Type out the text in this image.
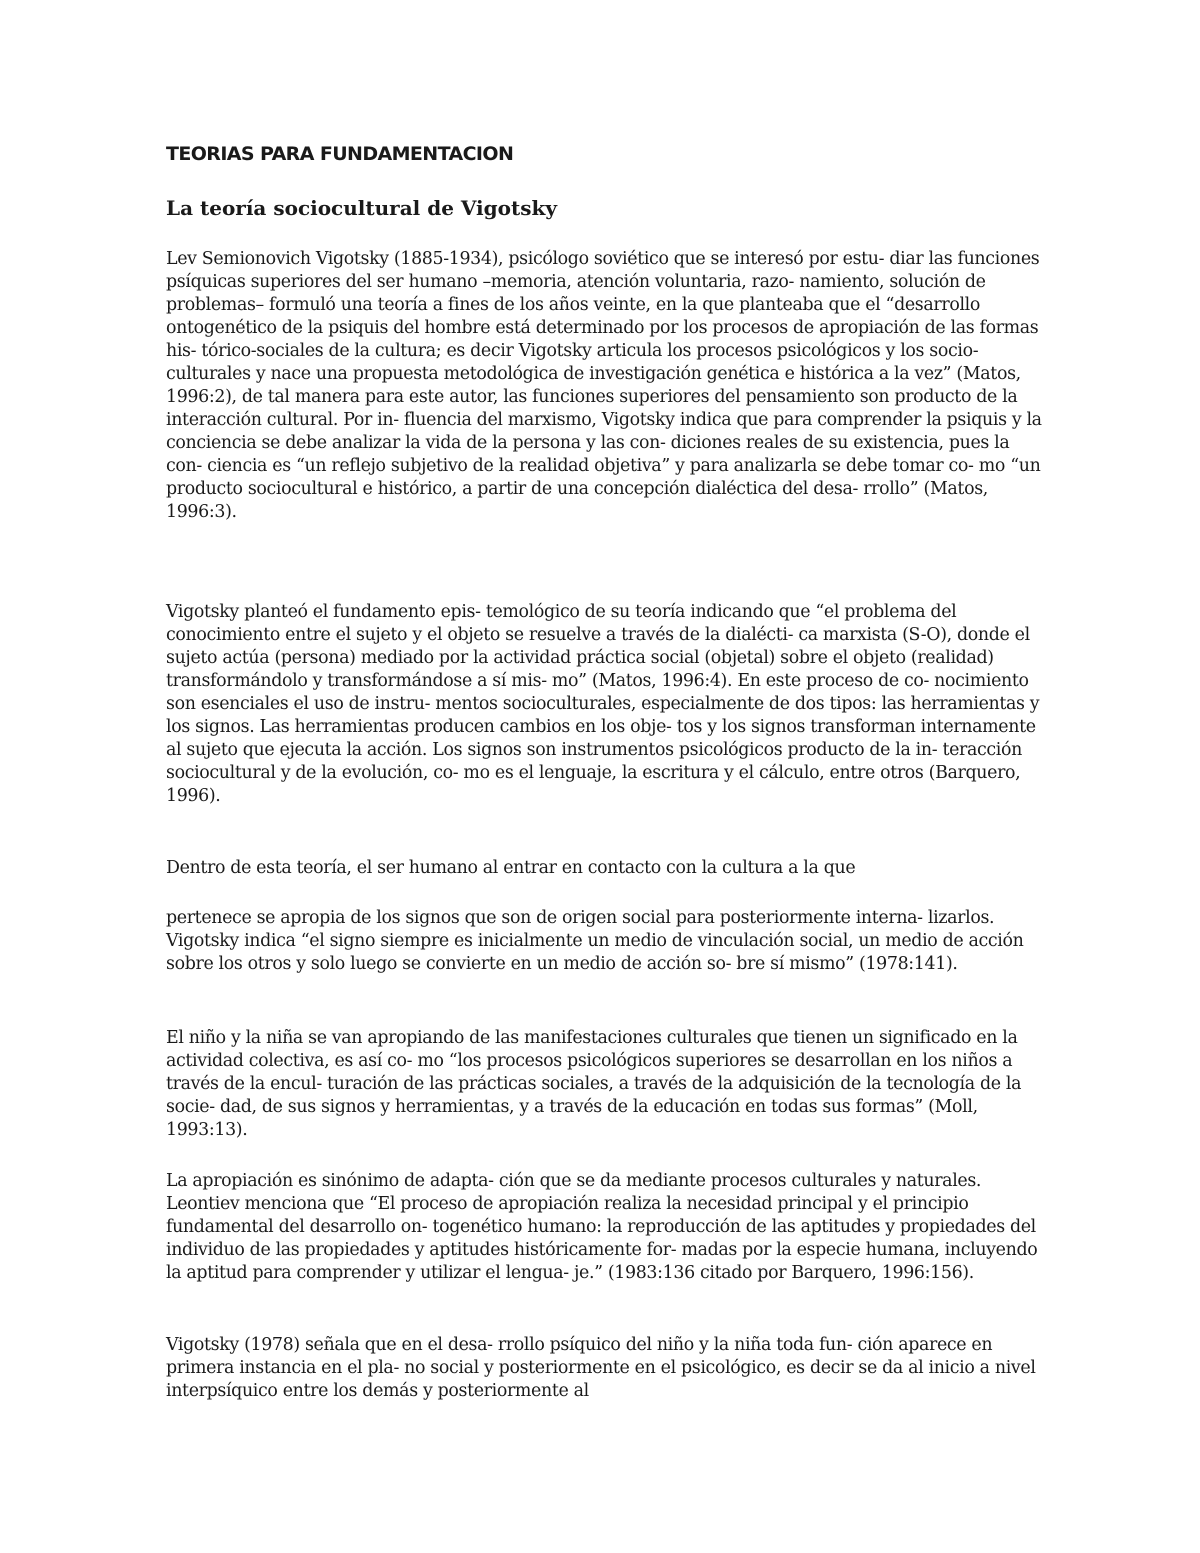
TEORIAS PARA FUNDAMENTACION
La teoría sociocultural de Vigotsky

Lev Semionovich Vigotsky (1885-1934), psicólogo soviético que se interesó por estu- diar las funciones psíquicas superiores del ser humano –memoria, atención voluntaria, razo- namiento, solución de problemas– formuló una teoría a fines de los años veinte, en la que planteaba que el “desarrollo ontogenético de la psiquis del hombre está determinado por los procesos de apropiación de las formas his- tórico-sociales de la cultura; es decir Vigotsky articula los procesos psicológicos y los socio- culturales y nace una propuesta metodológica de investigación genética e histórica a la vez” (Matos, 1996:2), de tal manera para este autor, las funciones superiores del pensamiento son producto de la interacción cultural. Por in- fluencia del marxismo, Vigotsky indica que para comprender la psiquis y la conciencia se debe analizar la vida de la persona y las con- diciones reales de su existencia, pues la con- ciencia es “un reflejo subjetivo de la realidad objetiva” y para analizarla se debe tomar co- mo “un producto sociocultural e histórico, a partir de una concepción dialéctica del desa- rrollo” (Matos, 1996:3).

Vigotsky planteó el fundamento epis- temológico de su teoría indicando que “el problema del conocimiento entre el sujeto y el objeto se resuelve a través de la dialécti- ca marxista (S-O), donde el sujeto actúa (persona) mediado por la actividad práctica social (objetal) sobre el objeto (realidad) transformándolo y transformándose a sí mis- mo” (Matos, 1996:4). En este proceso de co- nocimiento son esenciales el uso de instru- mentos socioculturales, especialmente de dos tipos: las herramientas y los signos. Las herramientas producen cambios en los obje- tos y los signos transforman internamente al sujeto que ejecuta la acción. Los signos son instrumentos psicológicos producto de la in- teracción sociocultural y de la evolución, co- mo es el lenguaje, la escritura y el cálculo, entre otros (Barquero, 1996).

Dentro de esta teoría, el ser humano al entrar en contacto con la cultura a la que

pertenece se apropia de los signos que son de origen social para posteriormente interna- lizarlos. Vigotsky indica “el signo siempre es inicialmente un medio de vinculación social, un medio de acción sobre los otros y solo luego se convierte en un medio de acción so- bre sí mismo” (1978:141).

El niño y la niña se van apropiando de las manifestaciones culturales que tienen un significado en la actividad colectiva, es así co- mo “los procesos psicológicos superiores se desarrollan en los niños a través de la encul- turación de las prácticas sociales, a través de la adquisición de la tecnología de la socie- dad, de sus signos y herramientas, y a través de la educación en todas sus formas” (Moll, 1993:13).

La apropiación es sinónimo de adapta- ción que se da mediante procesos culturales y naturales. Leontiev menciona que “El proceso de apropiación realiza la necesidad principal y el principio fundamental del desarrollo on- togenético humano: la reproducción de las aptitudes y propiedades del individuo de las propiedades y aptitudes históricamente for- madas por la especie humana, incluyendo la aptitud para comprender y utilizar el lengua- je.” (1983:136 citado por Barquero, 1996:156).

Vigotsky (1978) señala que en el desa- rrollo psíquico del niño y la niña toda fun- ción aparece en primera instancia en el pla- no social y posteriormente en el psicológico, es decir se da al inicio a nivel interpsíquico entre los demás y posteriormente al
